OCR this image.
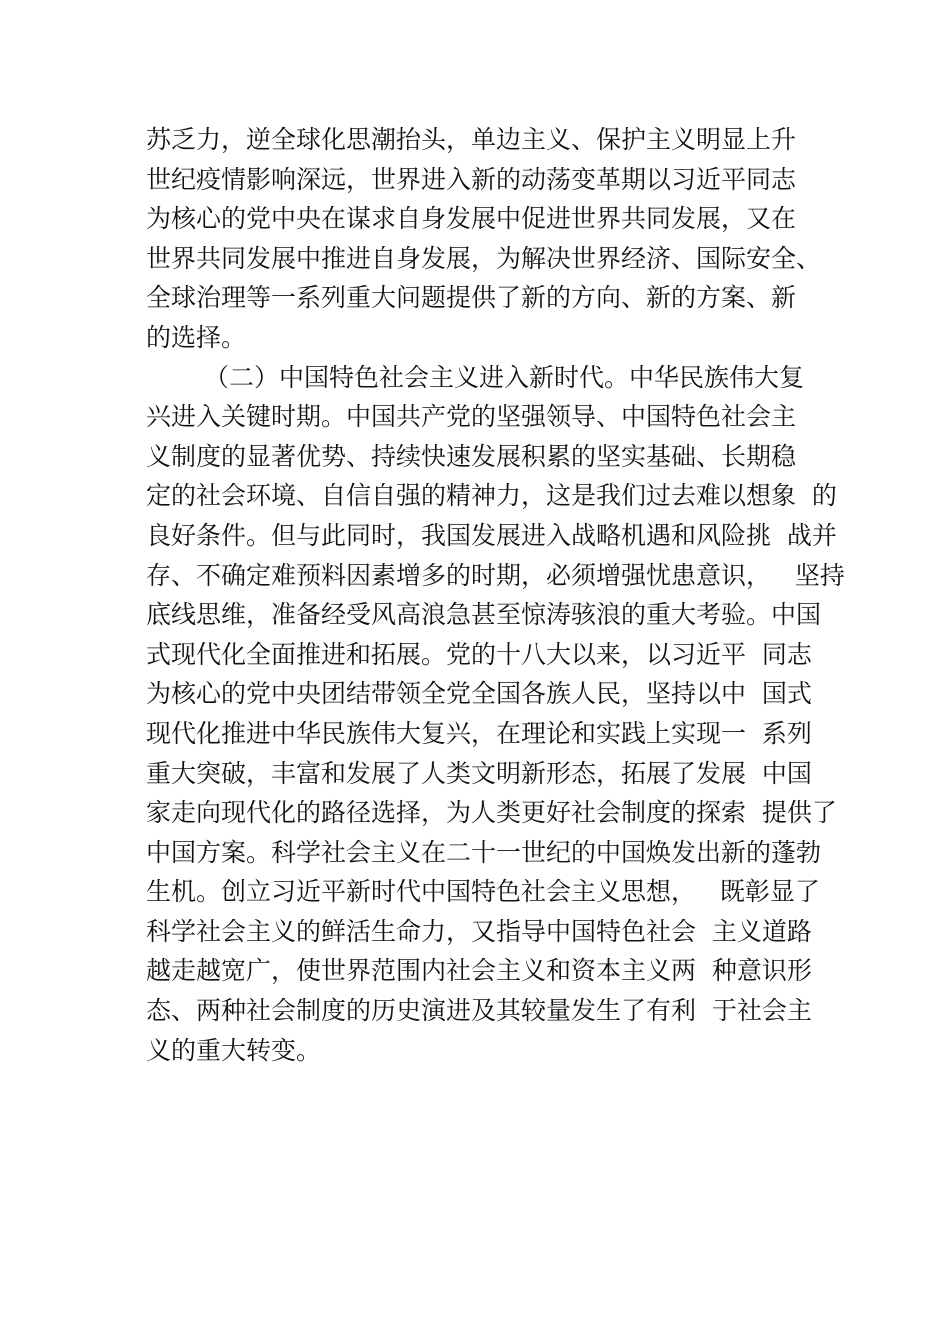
苏乏力，逆全球化思潮抬头，单边主义、保护主义明显上升
世纪疫情影响深远，世界进入新的动荡变革期以习近平同志
为核心的党中央在谋求自身发展中促进世界共同发展，又在
世界共同发展中推进自身发展，为解决世界经济、国际安全、
全球治理等一系列重大问题提供了新的方向、新的方案、新
的选择。
（二）中国特色社会主义进入新时代。中华民族伟大复
兴进入关键时期。中国共产党的坚强领导、中国特色社会主
义制度的显著优势、持续快速发展积累的坚实基础、长期稳
定的社会环境、自信自强的精神力，这是我们过去难以想象  的
良好条件。但与此同时，我国发展进入战略机遇和风险挑  战并
存、不确定难预料因素增多的时期，必须增强忧患意识，   坚持
底线思维，准备经受风高浪急甚至惊涛骇浪的重大考验。中国
式现代化全面推进和拓展。党的十八大以来，以习近平  同志
为核心的党中央团结带领全党全国各族人民，坚持以中  国式
现代化推进中华民族伟大复兴，在理论和实践上实现一  系列
重大突破，丰富和发展了人类文明新形态，拓展了发展  中国
家走向现代化的路径选择，为人类更好社会制度的探索  提供了
中国方案。科学社会主义在二十一世纪的中国焕发出新的蓬勃
生机。创立习近平新时代中国特色社会主义思想，   既彰显了
科学社会主义的鲜活生命力，又指导中国特色社会  主义道路
越走越宽广，使世界范围内社会主义和资本主义两  种意识形
态、两种社会制度的历史演进及其较量发生了有利  于社会主
义的重大转变。
